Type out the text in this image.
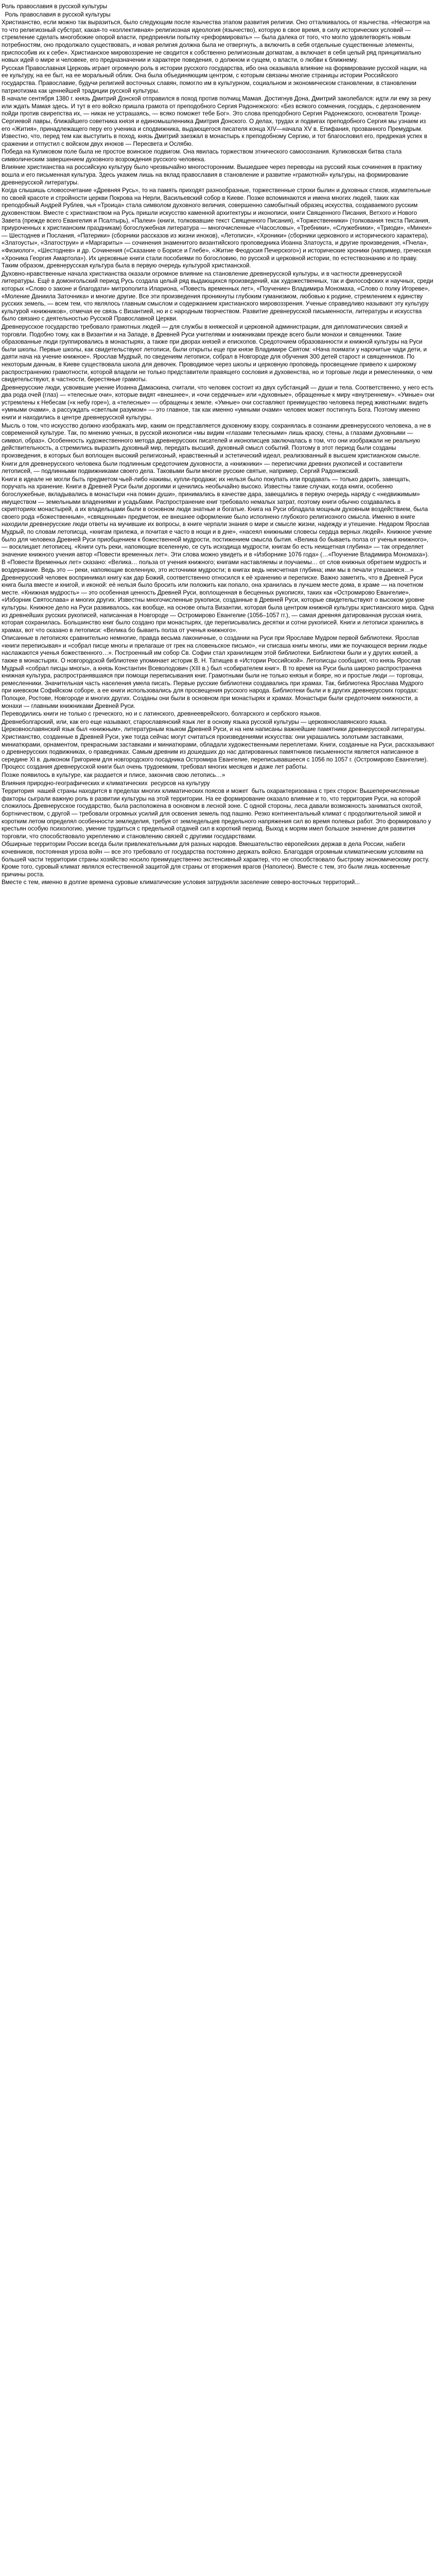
Роль православия в русской культуры
Роль православия в русской культуры

Христианство, если можно так выразиться, было следующим после язычества этапом развития религии. Оно отталкивалось от язычества. «Несмотря на то что религиозный субстрат, какая-то «коллективная» религиозная идеология (язычество), которую в свое время, в силу исторических условий — стремление сделать многобожие опорой власти, предприняли попытку «реформировать» — была далека от того, что могло удовлетворять новым потребностям, оно продолжало существовать, и новая религия должна была не отвергнуть, а включить в себя отдельные существенные элементы, приспособив их к себе». Христианское мировоззрение не сводится к собственно религиозным догматам, а включает в себя целый ряд принципиально новых идей о мире и человеке, его предназначении и характере поведения, о должном и сущем, о власти, о любви к ближнему.

Русская Православная Церковь играет огромную роль в истории русского государства, ибо она оказывала влияние на формирование русской нации, на ее культуру, на ее быт, на ее моральный облик. Она была объединяющим центром, с которым связаны многие страницы истории Российского государства. Православие, будучи религией восточных славян, помогло им в культурном, социальном и экономическом становлении, в становлении патриотизма как ценнейшей традиции русской культуры.

В начале сентября 1380 г. князь Дмитрий Донской отправился в поход против полчищ Мамая. Достигнув Дона, Дмитрий заколебался: идти ли ему за реку или ждать Мамая здесь. И тут в его войско пришла грамота от преподобного Сергия Радонежского: «Без всякого сомнения, государь, с дерзновением пойди против свирепства их, — никак не устрашаясь, — всяко поможет тебе Бог». Это слова преподобного Сергия Радонежского, основателя Троице-Сергиевой лавры, ближайшего советника князя и единомышленника Дмитрия Донского. О делах, трудах и подвигах преподобного Сергия мы узнаем из его «Жития», принадлежащего перу его ученика и сподвижника, выдающегося писателя конца XIV—начала XV в. Епифания, прозванного Премудрым. Известно, что, перед тем как выступить в поход, князь Дмитрий заезжал в монастырь к преподобному Сергию, и тот благословил его, предрекая успех в сражении и отпустил с войском двух иноков — Пересвета и Ослябю.

Победа на Куликовом поле была не простое воинское подвигом. Она явилась торжеством этнического самосознания. Куликовская битва стала символическим завершением духовного возрождения русского человека.

Влияние христианства на российскую культуру было чрезвычайно многосторонним. Вышедшее через переводы на русский язык сочинения в практику вошла и его письменная культура. Здесь укажем лишь на вклад православия в становление и развитие «грамотной» культуры, на формирование древнерусской литературы.

Когда слышишь словосочетание «Древняя Русь», то на память приходят разнообразные, торжественные строки былин и духовных стихов, изумительные по своей красоте и стройности церкви Покрова на Нерли, Васильевский собор в Киеве. Позже вспоминаются и имена многих людей, таких как преподобный Андрей Рублев, чья «Троица» стала символом духовного величия, совершенно самобытный образец искусства, создаваемого русским духовенством. Вместе с христианством на Русь пришли искусство каменной архитектуры и иконописи, книги Священного Писания, Ветхого и Нового Завета (прежде всего Евангелия и Псалтырь), «Палеи» (книги, толковавшие текст Священного Писания), «Торжественники» (толкования текста Писания, приуроченных к христианским праздникам) богослужебная литература — многочисленные «Часословы», «Требники», «Служебники», «Триоди», «Минеи» — Шестоднев и Послания, «Патерики» (сборники рассказов из жизни иноков), «Летописи», «Хроники» (сборники церковного и исторического характера), «Златоусты», «Златоструи» и «Маргариты» — сочинения знаменитого византийского проповедника Иоанна Златоуста, и другие произведения, «Пчела», «Физиолог», «Шестоднев» и др. Сочинения («Сказание о Борисе и Глебе», «Житие Феодосия Печерского») и исторические хроники (например, греческая «Хроника Георгия Амартола»). Их церковные книги стали пособиями по богословию, по русской и церковной истории, по естествознанию и по праву. Таким образом, древнерусская культура была в первую очередь культурой христианской.

Духовно-нравственные начала христианства оказали огромное влияние на становление древнерусской культуры, и в частности древнерусской литературы. Ещё в домонгольский период Русь создала целый ряд выдающихся произведений, как художественных, так и философских и научных, среди которых «Слово о законе и благодати» митрополита Илариона, «Повесть временных лет», «Поучение» Владимира Мономаха, «Слово о полку Игореве», «Моление Даниила Заточника» и многие другие. Все эти произведения проникнуты глубоким гуманизмом, любовью к родине, стремлением к единству русских земель, — всем тем, что являлось главным смыслом и содержанием христианского мировоззрения. Ученые справедливо называют эту культуру культурой «книжников», отмечая ее связь с Византией, но и с народным творчеством. Развитие древнерусской письменности, литературы и искусства было связано с деятельностью Русской Православной Церкви.

Древнерусское государство требовало грамотных людей — для службы в княжеской и церковной администрации, для дипломатических связей и торговли. Подобно тому, как в Византии и на Западе, в Древней Руси учителями и книжниками прежде всего были монахи и священники. Такие образованные люди группировались в монастырях, а также при дворах князей и епископов. Средоточием образованности и книжной культуры на Руси были школы. Первые школы, как свидетельствуют летописи, были открыты еще при князе Владимире Святом: «Нача поимати у нарочитые чади дети, и даяти нача на учение книжное». Ярослав Мудрый, по сведениям летописи, собрал в Новгороде для обучения 300 детей старост и священников. По некоторым данным, в Киеве существовала школа для девочек. Проводимое через школы и церковную проповедь просвещение привело к широкому распространению грамотности, которой владели не только представители правящего сословия и духовенства, но и торговые люди и ремесленники, о чем свидетельствуют, в частности, берестяные грамоты.

Древнерусские люди, усвоившие учение Иоанна Дамаскина, считали, что человек состоит из двух субстанций — души и тела. Соответственно, у него есть два рода очей (глаз) — «телесные очи», которые видят «внешнее», и «очи сердечные» или «духовные», обращенные к миру «внутреннему». «Умные» очи устремлены к Небесам («к небу горе»), а «телесные» — обращены к земле. «Умные» очи составляют преимущество человека перед животными: видеть «умными очами», а рассуждать «светлым разумом» — это главное, так как именно «умными очами» человек может постигнуть Бога. Поэтому именно книги и находились в центре древнерусской культуры.

Мысль о том, что искусство должно изображать мир, каким он представляется духовному взору, сохранялась в сознании древнерусского человека, а не в современной культуре. Так, по мнению ученых, в русской иконописи «мы видим «глазами телесными» лишь краску, стены, а глазами духовными — символ, образ». Особенность художественного метода древнерусских писателей и иконописцев заключалась в том, что они изображали не реальную действительность, а стремились выразить духовный мир, передать высший, духовный смысл событий. Поэтому в этот период были созданы произведения, в которых был воплощен высокий религиозный, нравственный и эстетический идеал, реализованный в высшем христианском смысле.

Книги для древнерусского человека были подлинным средоточием духовности, а «книжники» — переписчики древних рукописей и составители летописей, — подлинными подвижниками своего дела. Таковыми были многие русские святые, например, Сергий Радонежский.

Книги в идеале не могли быть предметом чьей-либо наживы, купли-продажи; их нельзя было покупать или продавать — только дарить, завещать, поручать на хранение. Книги в Древней Руси были дорогими и ценились необычайно высоко. Известны такие случаи, когда книги, особенно богослужебные, вкладывались в монастыри «на помин души», принимались в качестве дара, завещались в первую очередь наряду с «недвижимым» имуществом — земельными владениями и усадьбами. Распространение книг требовало немалых затрат, поэтому книги обычно создавались в скрипториях монастырей, а их владельцами были в основном люди знатные и богатые. Книга на Руси обладала мощным духовным воздействием, была своего рода «божественным», «священным» предметом, ее внешнее оформление было исполнено глубокого религиозного смысла. Именно в книге находили древнерусские люди ответы на мучившие их вопросы, в книге черпали знания о мире и смысле жизни, надежду и утешение. Недаром Ярослав Мудрый, по словам летописца, «книгам прилежа, и почитая е часто в нощи и в дне», «насеял книжными словесы сердца верных людей». Книжное учение было для человека Древней Руси приобщением к божественной мудрости, постижением смысла бытия. «Велика бо бываеть полза от ученья книжного», — восклицает летописец. «Книги суть реки, напояющие вселенную, се суть исходища мудрости, книгам бо есть неищетная глубина» — так определяет значение книжного учения автор «Повести временных лет». Эти слова можно увидеть и в «Изборнике 1076 года» (…«Поучение Владимира Мономаха»).

В «Повести Временных лет» сказано: «Велика… польза от учения книжного; книгами наставляемы и поучаемы… от слов книжных обретаем мудрость и воздержание. Ведь это — реки, напояющие вселенную, это источники мудрости; в книгах ведь неисчетная глубина; ими мы в печали утешаемся…» Древнерусский человек воспринимал книгу как дар Божий, соответственно относился к её хранению и переписке. Важно заметить, что в Древней Руси книга была вместе и книгой, и иконой: её нельзя было бросить или положить как попало, она хранилась в лучшем месте дома, в храме — на почетном месте. «Книжная мудрость» — это особенная ценность Древней Руси, воплощенная в бесценных рукописях, таких как «Остромирово Евангелие», «Изборник Святослава» и многих других. Известны многочисленные рукописи, созданные в Древней Руси, которые свидетельствуют о высоком уровне культуры. Книжное дело на Руси развивалось, как вообще, на основе опыта Византии, которая была центром книжной культуры христианского мира. Одна из древнейших русских рукописей, написанная в Новгороде — Остромирово Евангелие (1056–1057 гг.), — самая древняя датированная русская книга, которая сохранилась. Большинство книг было создано при монастырях, где переписывались десятки и сотни рукописей. Книги и летописи хранились в храмах, вот что сказано в летописи: «Велика бо бываеть полза от ученья книжного».

Описанные в летописях сравнительно немногие, правда весьма лаконичные, о создании на Руси при Ярославе Мудром первой библиотеки. Ярослав «книги переписывая» и «собрал писце многы и прелагаше от грек на словеньское письмо», «и списаша книгы многы, ими же поучающеся вернии людье наслажаются ученья божественного…». Построенный им собор Св. Софии стал хранилищем этой библиотеки. Библиотеки были и у других князей, а также в монастырях. О новгородской библиотеке упоминает историк В. Н. Татищев в «Истории Российской». Летописцы сообщают, что князь Ярослав Мудрый «собрал писцы многы», а князь Константин Всеволодович (XIII в.) был «собирателем книг». В то время на Руси была широко распространена книжная культура, распространявшаяся при помощи переписывания книг. Грамотными были не только князья и бояре, но и простые люди — торговцы, ремесленники. Значительная часть населения умела писать. Первые русские библиотеки создавались при храмах. Так, библиотека Ярослава Мудрого при киевском Софийском соборе, а ее книги использовались для просвещения русского народа. Библиотеки были и в других древнерусских городах: Полоцке, Ростове, Новгороде и многих других. Созданы они были в основном при монастырях и храмах. Монастыри были средоточием книжности, а монахи — главными книжниками Древней Руси.

Переводились книги не только с греческого, но и с латинского, древнееврейского, болгарского и сербского языков.

Древнеболгарский, или, как его еще называют, старославянский язык лег в основу языка русской культуры — церковнославянского языка. Церковнославянский язык был «книжным», литературным языком Древней Руси, и на нем написаны важнейшие памятники древнерусской литературы. Христианство, созданные в Древней Руси, уже тогда сейчас могут считаться произведениями искусства: они украшались золотыми заставками, миниатюрами, орнаментом, прекрасными заставками и миниатюрами, обладали художественными переплетами. Книги, созданные на Руси, рассказывают о древнерусских подвижниках, о праведниках. Самым древним из дошедших до нас датированных памятников письменности является написанное в середине XI в. дьяконом Григорием для новгородского посадника Остромира Евангелие, переписывавшееся с 1056 по 1057 г. (Остромирово Евангелие). Процесс создания древнерусской книги был очень трудоемким, требовал многих месяцев и даже лет работы.

Позже появилось в культуре, как раздается и плисе, закончив свою летопись…»

Влияния природно-географических и климатических  ресурсов на культуру

Территория  нашей страны находится в пределах многих климатических поясов и может  быть охарактеризована с трех сторон: Вышеперечисленные факторы сыграли важную роль в развитии культуры на этой территории. На ее формирование оказало влияние и то, что территория Руси, на которой сложилось Древнерусское государство, была расположена в основном в лесной зоне. С одной стороны, леса давали возможность заниматься охотой, бортничеством, с другой — требовали огромных усилий для освоения земель под пашню. Резко континентальный климат с продолжительной зимой и коротким летом определял особенности земледелия, требуя от земледельцев предельного напряжения сил во время полевых работ. Это формировало у крестьян особую психологию, умение трудиться с предельной отдачей сил в короткий период. Выход к морям имел большое значение для развития торговли, что способствовало укреплению и становлению связей с другими государствами.

Обширные территории России всегда были привлекательными для разных народов. Вмешательство европейских держав в дела России, набеги кочевников, постоянная угроза войн — все это требовало от государства постоянно держать войско. Благодаря огромным климатическим условиям на большей части территории страны хозяйство носило преимущественно экстенсивный характер, что не способствовало быстрому экономическому росту. Кроме того, суровый климат являлся естественной защитой для страны от вторжения врагов (Наполеон). Вместе с тем, это были лишь косвенные причины роста.

Вместе с тем, именно в долгие времена суровые климатические условия затрудняли заселение северо-восточных территорий...
